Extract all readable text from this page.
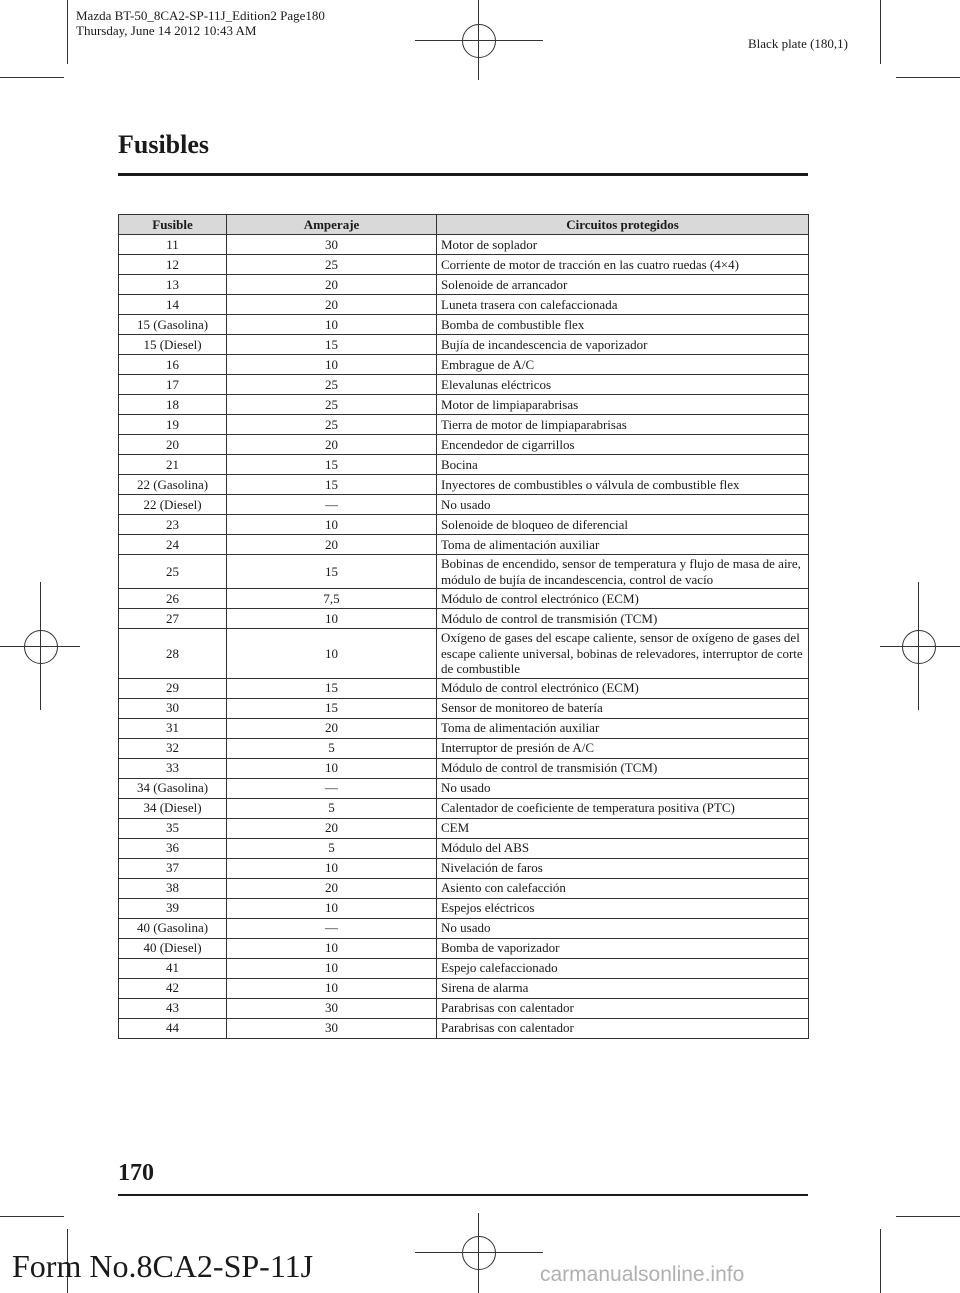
Mazda BT-50_8CA2-SP-11J_Edition2 Page180
Thursday, June 14 2012 10:43 AM
Black plate (180,1)
Fusibles
Fusible	Amperaje	Circuitos protegidos
11	30	Motor de soplador
12	25	Corriente de motor de tracción en las cuatro ruedas (4×4)
13	20	Solenoide de arrancador
14	20	Luneta trasera con calefaccionada
15 (Gasolina)	10	Bomba de combustible flex
15 (Diesel)	15	Bujía de incandescencia de vaporizador
16	10	Embrague de A/C
17	25	Elevalunas eléctricos
18	25	Motor de limpiaparabrisas
19	25	Tierra de motor de limpiaparabrisas
20	20	Encendedor de cigarrillos
21	15	Bocina
22 (Gasolina)	15	Inyectores de combustibles o válvula de combustible flex
22 (Diesel)	―	No usado
23	10	Solenoide de bloqueo de diferencial
24	20	Toma de alimentación auxiliar
25	15	Bobinas de encendido, sensor de temperatura y flujo de masa de aire, módulo de bujía de incandescencia, control de vacío
26	7,5	Módulo de control electrónico (ECM)
27	10	Módulo de control de transmisión (TCM)
28	10	Oxígeno de gases del escape caliente, sensor de oxígeno de gases del escape caliente universal, bobinas de relevadores, interruptor de corte de combustible
29	15	Módulo de control electrónico (ECM)
30	15	Sensor de monitoreo de batería
31	20	Toma de alimentación auxiliar
32	5	Interruptor de presión de A/C
33	10	Módulo de control de transmisión (TCM)
34 (Gasolina)	―	No usado
34 (Diesel)	5	Calentador de coeficiente de temperatura positiva (PTC)
35	20	CEM
36	5	Módulo del ABS
37	10	Nivelación de faros
38	20	Asiento con calefacción
39	10	Espejos eléctricos
40 (Gasolina)	―	No usado
40 (Diesel)	10	Bomba de vaporizador
41	10	Espejo calefaccionado
42	10	Sirena de alarma
43	30	Parabrisas con calentador
44	30	Parabrisas con calentador
170
Form No.8CA2-SP-11J	carmanualsonline.info
